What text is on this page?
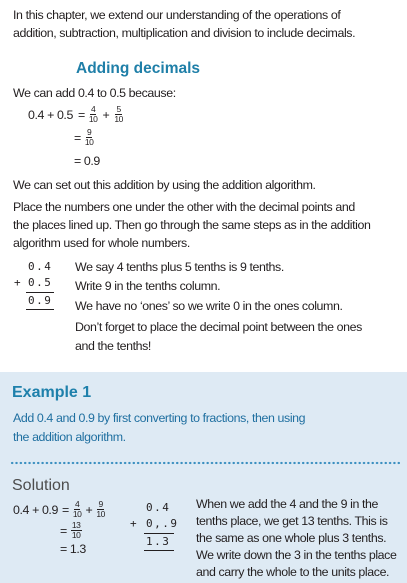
In this chapter, we extend our understanding of the operations of
addition, subtraction, multiplication and division to include decimals.
Adding decimals
We can add 0.4 to 0.5 because:
$0.4 + 0.5 = \frac{4}{10} + \frac{5}{10}$
= $\frac{9}{10}$
= 0.9
We can set out this addition by using the addition algorithm.
Place the numbers one under the other with the decimal points and
the places lined up. Then go through the same steps as in the addition
algorithm used for whole numbers.
0.4
+ 0.5
0.9
We say 4 tenths plus 5 tenths is 9 tenths.
Write 9 in the tenths column.
We have no ‘ones’ so we write 0 in the ones column.
Don’t forget to place the decimal point between the ones
and the tenths!
Example 1
Add 0.4 and 0.9 by first converting to fractions, then using
the addition algorithm.
Solution
$0.4 + 0.9 = \frac{4}{10} + \frac{9}{10}$
= $\frac{13}{10}$
= 1.3
0.4
+ 0,.9
1.3
When we add the 4 and the 9 in the
tenths place, we get 13 tenths. This is
the same as one whole plus 3 tenths.
We write down the 3 in the tenths place
and carry the whole to the units place.
